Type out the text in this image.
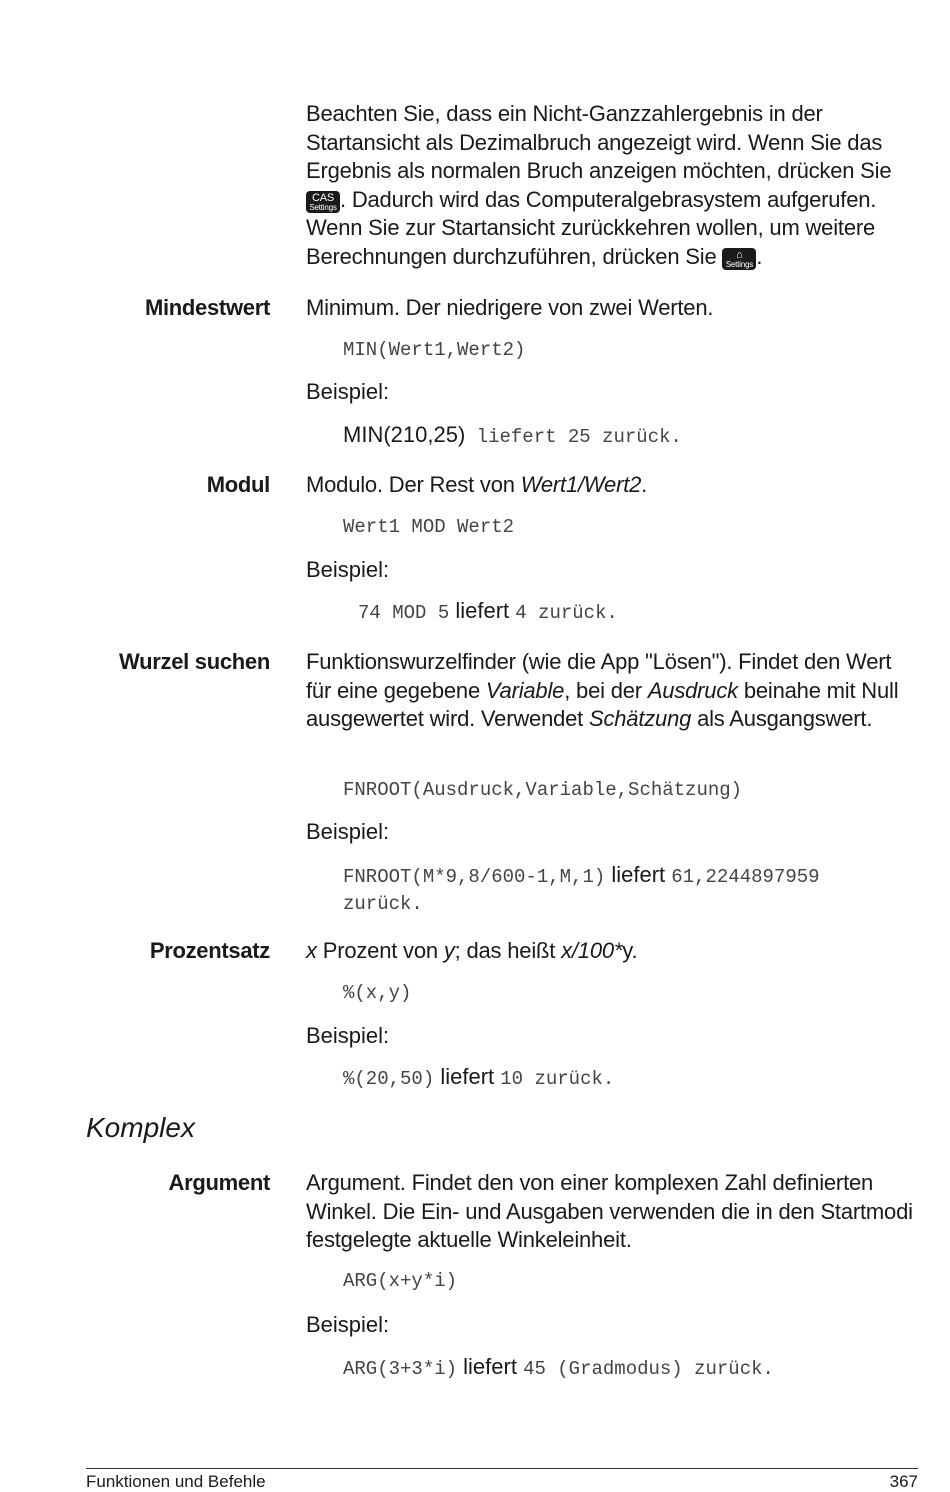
Beachten Sie, dass ein Nicht-Ganzzahlergebnis in der Startansicht als Dezimalbruch angezeigt wird. Wenn Sie das Ergebnis als normalen Bruch anzeigen möchten, drücken Sie
CAS
Settings . Dadurch wird das Computeralgebrasystem aufgerufen. Wenn Sie zur Startansicht zurückkehren wollen, um weitere Berechnungen durchzuführen, drücken Sie	⌂
Settings .
Mindestwert Minimum. Der niedrigere von zwei Werten.
MIN(Wert1,Wert2)
Beispiel:
MIN(210,25) liefert 25 zurück.
Modul Modulo. Der Rest von Wert1/Wert2.
Wert1 MOD Wert2
Beispiel:
74 MOD 5 liefert 4 zurück.
Wurzel suchen Funktionswurzelfinder (wie die App "Lösen"). Findet den Wert für eine gegebene Variable, bei der Ausdruck beinahe mit Null ausgewertet wird. Verwendet Schätzung als Ausgangswert.
FNROOT(Ausdruck,Variable,Schätzung)
Beispiel:
FNROOT(M*9,8/600-1,M,1) liefert 61,2244897959
zurück.
Prozentsatz x Prozent von y; das heißt x/100*y.
%(x,y)
Beispiel:
%(20,50) liefert 10 zurück.
Komplex
Argument Argument. Findet den von einer komplexen Zahl definierten Winkel. Die Ein- und Ausgaben verwenden die in den Startmodi festgelegte aktuelle Winkeleinheit.
ARG(x+y*i)
Beispiel:
ARG(3+3*i) liefert 45 (Gradmodus) zurück.
Funktionen und Befehle	367
